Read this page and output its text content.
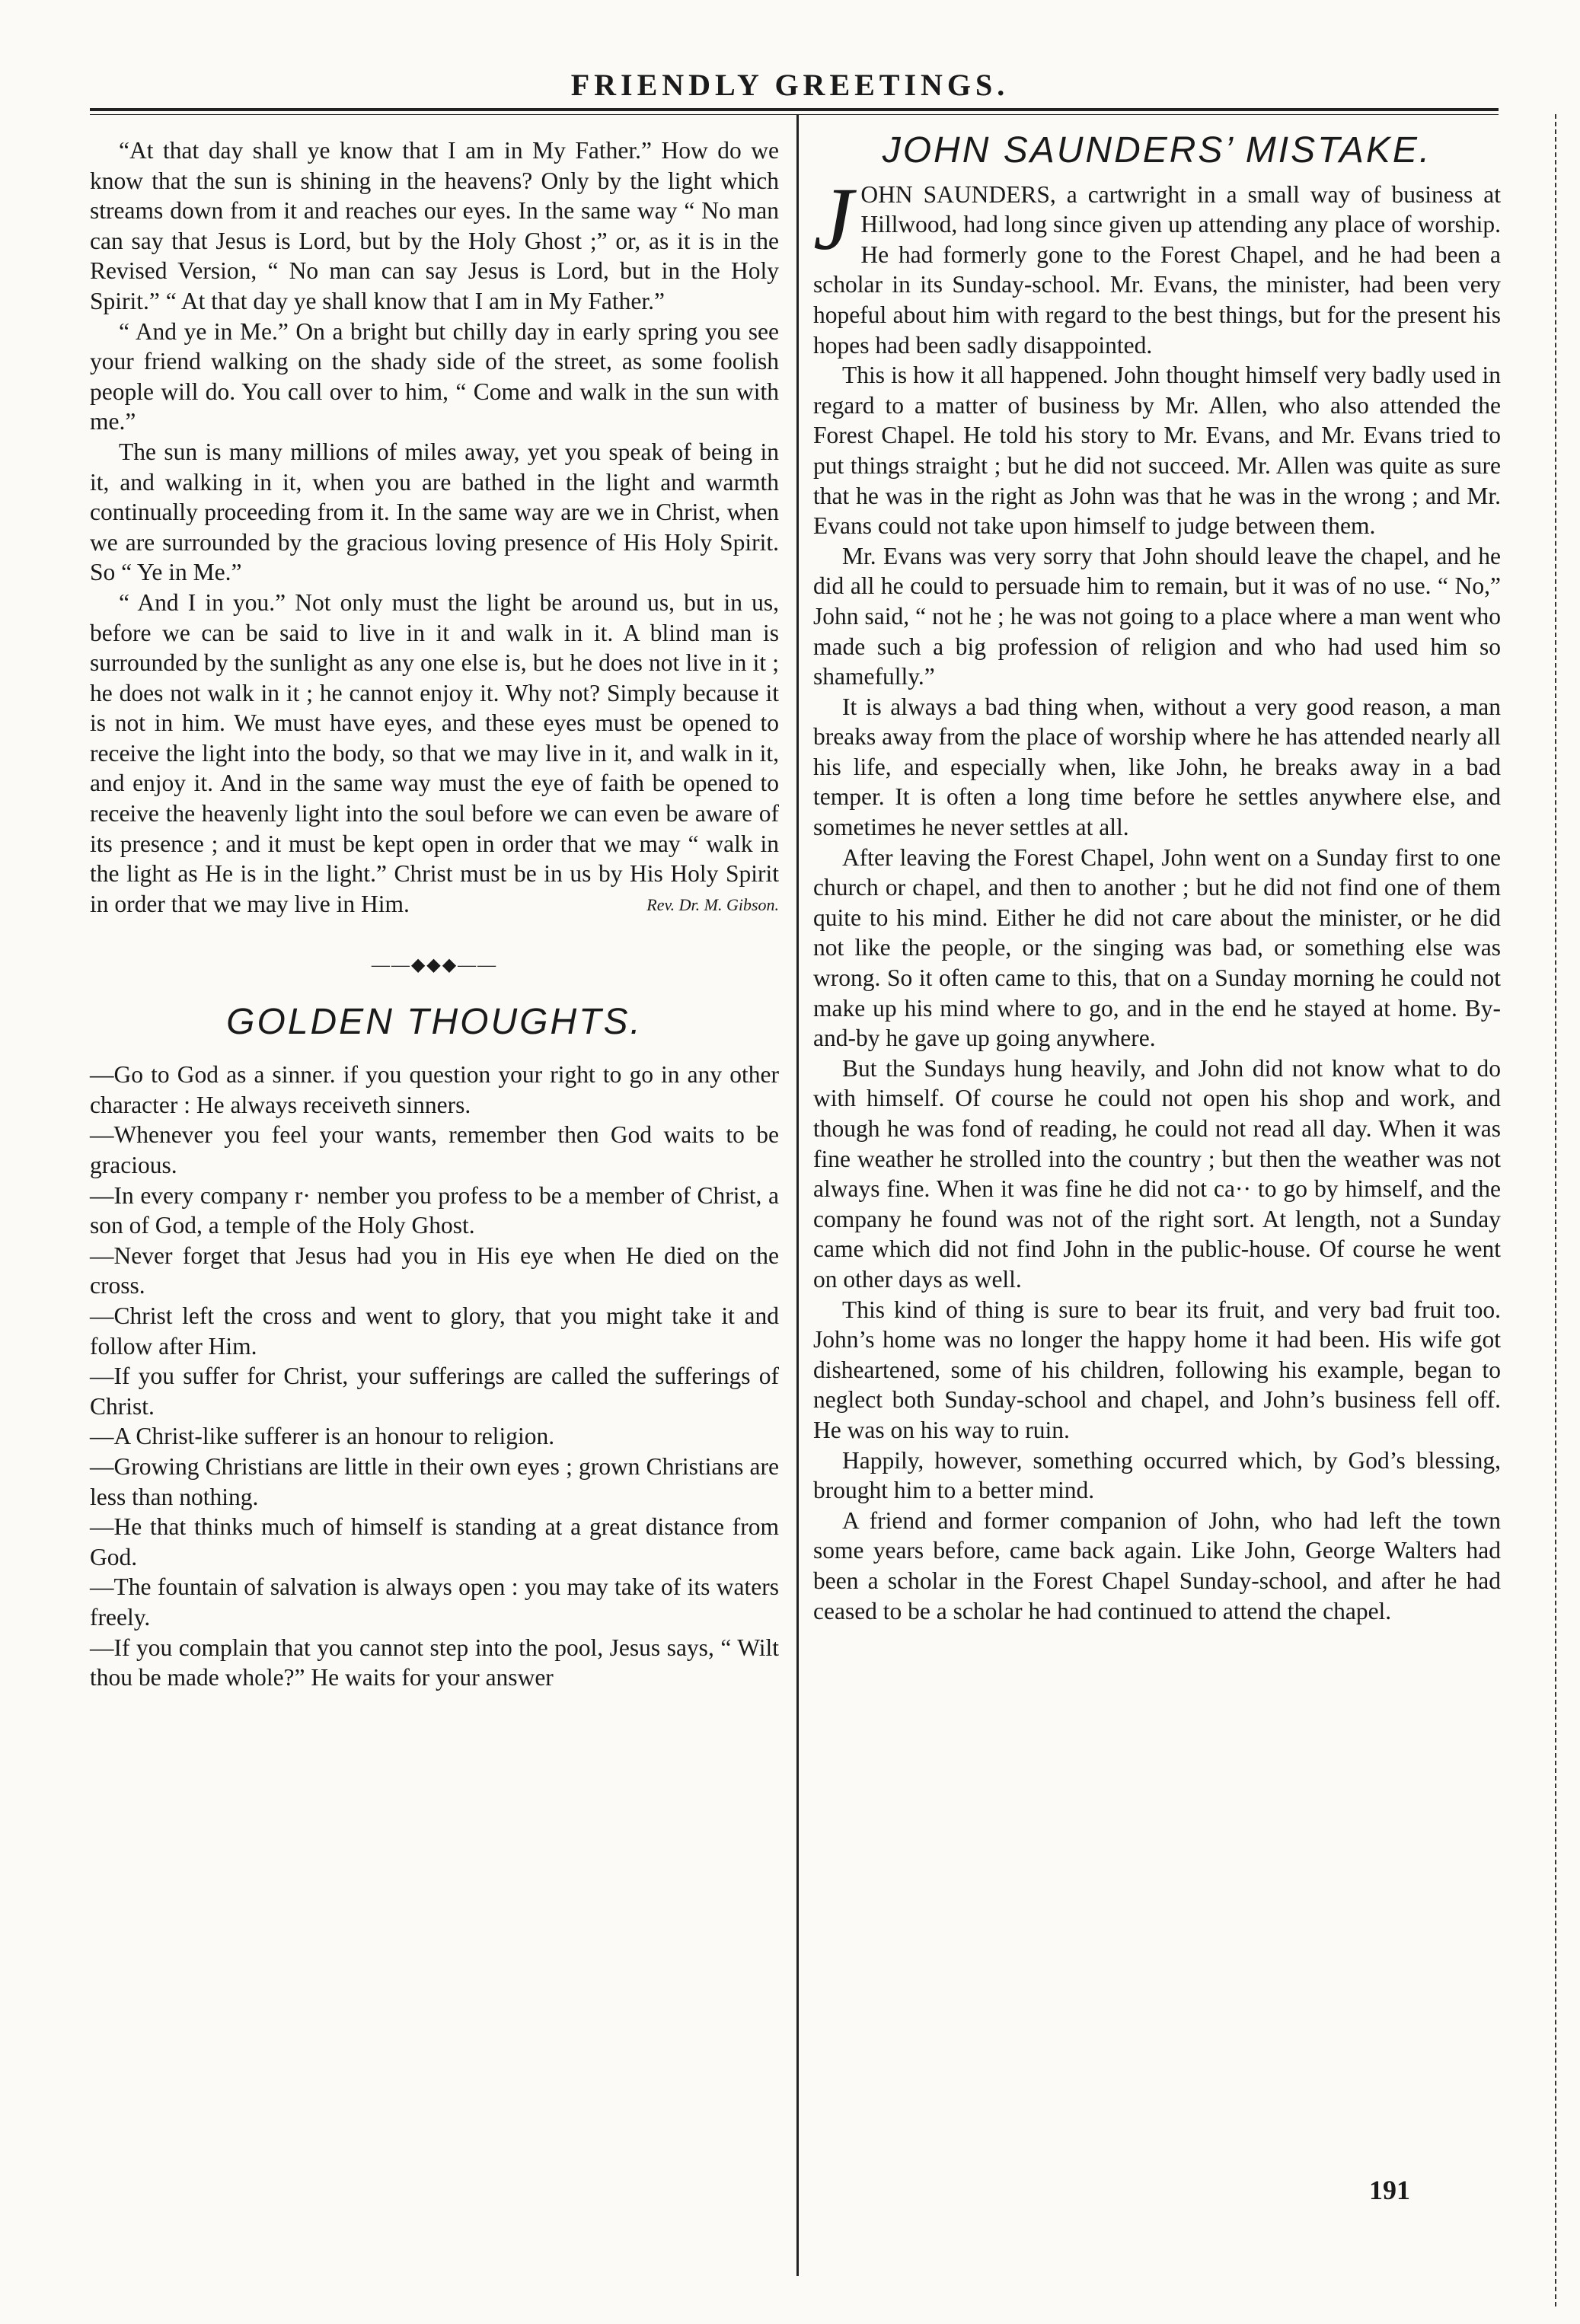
FRIENDLY GREETINGS.

“At that day shall ye know that I am in My Father.” How do we know that the sun is shining in the heavens? Only by the light which streams down from it and reaches our eyes. In the same way “ No man can say that Jesus is Lord, but by the Holy Ghost ;” or, as it is in the Revised Version, “ No man can say Jesus is Lord, but in the Holy Spirit.” “ At that day ye shall know that I am in My Father.”

“ And ye in Me.” On a bright but chilly day in early spring you see your friend walking on the shady side of the street, as some foolish people will do. You call over to him, “ Come and walk in the sun with me.”

The sun is many millions of miles away, yet you speak of being in it, and walking in it, when you are bathed in the light and warmth continually proceeding from it. In the same way are we in Christ, when we are surrounded by the gracious loving presence of His Holy Spirit. So “ Ye in Me.”

“ And I in you.” Not only must the light be around us, but in us, before we can be said to live in it and walk in it. A blind man is surrounded by the sunlight as any one else is, but he does not live in it ; he does not walk in it ; he cannot enjoy it. Why not? Simply because it is not in him. We must have eyes, and these eyes must be opened to receive the light into the body, so that we may live in it, and walk in it, and enjoy it. And in the same way must the eye of faith be opened to receive the heavenly light into the soul before we can even be aware of its presence ; and it must be kept open in order that we may “ walk in the light as He is in the light.” Christ must be in us by His Holy Spirit in order that we may live in Him.	Rev. Dr. M. Gibson.
——◆◆◆——
GOLDEN THOUGHTS.

—Go to God as a sinner. if you question your right to go in any other character : He always receiveth sinners.

—Whenever you feel your wants, remember then God waits to be gracious.

—In every company r· nember you profess to be a member of Christ, a son of God, a temple of the Holy Ghost.

—Never forget that Jesus had you in His eye when He died on the cross.

—Christ left the cross and went to glory, that you might take it and follow after Him.

—If you suffer for Christ, your sufferings are called the sufferings of Christ.

—A Christ-like sufferer is an honour to religion.

—Growing Christians are little in their own eyes ; grown Christians are less than nothing.

—He that thinks much of himself is standing at a great distance from God.

—The fountain of salvation is always open : you may take of its waters freely.

—If you complain that you cannot step into the pool, Jesus says, “ Wilt thou be made whole?” He waits for your answer

JOHN SAUNDERS’ MISTAKE.

JOHN SAUNDERS, a cartwright in a small way of business at Hillwood, had long since given up attending any place of worship. He had formerly gone to the Forest Chapel, and he had been a scholar in its Sunday-school. Mr. Evans, the minister, had been very hopeful about him with regard to the best things, but for the present his hopes had been sadly disappointed.

This is how it all happened. John thought himself very badly used in regard to a matter of business by Mr. Allen, who also attended the Forest Chapel. He told his story to Mr. Evans, and Mr. Evans tried to put things straight ; but he did not succeed. Mr. Allen was quite as sure that he was in the right as John was that he was in the wrong ; and Mr. Evans could not take upon himself to judge between them.

Mr. Evans was very sorry that John should leave the chapel, and he did all he could to persuade him to remain, but it was of no use. “ No,” John said, “ not he ; he was not going to a place where a man went who made such a big profession of religion and who had used him so shamefully.”

It is always a bad thing when, without a very good reason, a man breaks away from the place of worship where he has attended nearly all his life, and especially when, like John, he breaks away in a bad temper. It is often a long time before he settles anywhere else, and sometimes he never settles at all.

After leaving the Forest Chapel, John went on a Sunday first to one church or chapel, and then to another ; but he did not find one of them quite to his mind. Either he did not care about the minister, or he did not like the people, or the singing was bad, or something else was wrong. So it often came to this, that on a Sunday morning he could not make up his mind where to go, and in the end he stayed at home. By-and-by he gave up going anywhere.

But the Sundays hung heavily, and John did not know what to do with himself. Of course he could not open his shop and work, and though he was fond of reading, he could not read all day. When it was fine weather he strolled into the country ; but then the weather was not always fine. When it was fine he did not ca·· to go by himself, and the company he found was not of the right sort. At length, not a Sunday came which did not find John in the public-house. Of course he went on other days as well.

This kind of thing is sure to bear its fruit, and very bad fruit too. John’s home was no longer the happy home it had been. His wife got disheartened, some of his children, following his example, began to neglect both Sunday-school and chapel, and John’s business fell off. He was on his way to ruin.

Happily, however, something occurred which, by God’s blessing, brought him to a better mind.

A friend and former companion of John, who had left the town some years before, came back again. Like John, George Walters had been a scholar in the Forest Chapel Sunday-school, and after he had ceased to be a scholar he had continued to attend the chapel.

191
